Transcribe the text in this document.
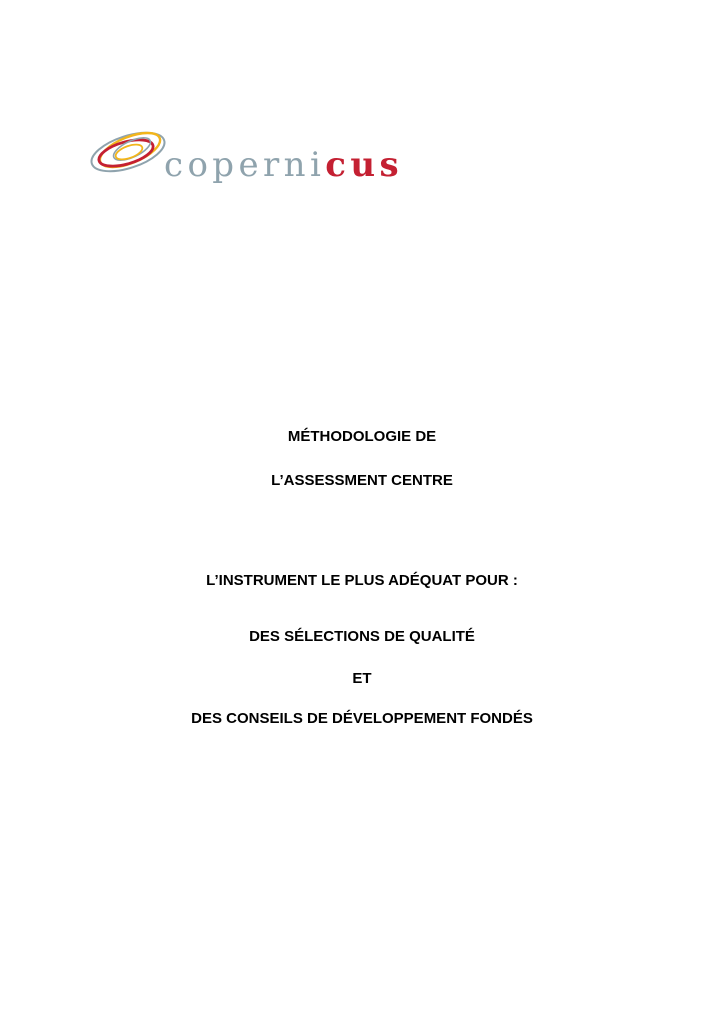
copernicus
MÉTHODOLOGIE DE
L’ASSESSMENT CENTRE
L’INSTRUMENT LE PLUS ADÉQUAT POUR :
DES SÉLECTIONS DE QUALITÉ
ET
DES CONSEILS DE DÉVELOPPEMENT FONDÉS
